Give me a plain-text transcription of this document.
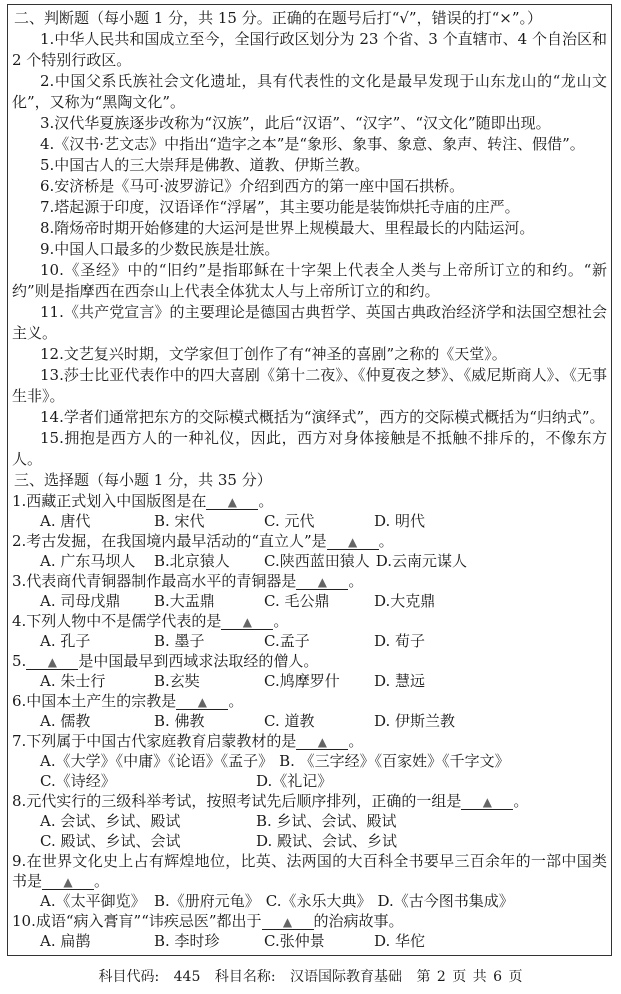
二、判断题（每小题 1 分，共 15 分。正确的在题号后打“√”，错误的打“×”。）

1.中华人民共和国成立至今，全国行政区划分为 23 个省、3 个直辖市、4 个自治区和 2 个特别行政区。

2.中国父系氏族社会文化遗址，具有代表性的文化是最早发现于山东龙山的“龙山文化”，又称为“黑陶文化”。

3.汉代华夏族逐步改称为“汉族”，此后“汉语”、“汉字”、“汉文化”随即出现。

4.《汉书·艺文志》中指出“造字之本”是“象形、象事、象意、象声、转注、假借”。

5.中国古人的三大崇拜是佛教、道教、伊斯兰教。

6.安济桥是《马可·波罗游记》介绍到西方的第一座中国石拱桥。

7.塔起源于印度，汉语译作“浮屠”，其主要功能是装饰烘托寺庙的庄严。

8.隋炀帝时期开始修建的大运河是世界上规模最大、里程最长的内陆运河。

9.中国人口最多的少数民族是壮族。

10.《圣经》中的“旧约”是指耶稣在十字架上代表全人类与上帝所订立的和约。“新约”则是指摩西在西奈山上代表全体犹太人与上帝所订立的和约。

11.《共产党宣言》的主要理论是德国古典哲学、英国古典政治经济学和法国空想社会主义。

12.文艺复兴时期，文学家但丁创作了有“神圣的喜剧”之称的《天堂》。

13.莎士比亚代表作中的四大喜剧《第十二夜》、《仲夏夜之梦》、《威尼斯商人》、《无事生非》。

14.学者们通常把东方的交际模式概括为“演绎式”，西方的交际模式概括为“归纳式”。

15.拥抱是西方人的一种礼仪，因此，西方对身体接触是不抵触不排斥的，不像东方人。

三、选择题（每小题 1 分，共 35 分）
1.西藏正式划入中国版图是在 ▲ 。
A. 唐代	B. 宋代	C. 元代	D. 明代
2.考古发掘，在我国境内最早活动的“直立人”是 ▲ 。
A. 广东马坝人	B.北京猿人	C.陕西蓝田猿人 D.云南元谋人
3.代表商代青铜器制作最高水平的青铜器是 ▲ 。
A. 司母戊鼎	B.大盂鼎	C. 毛公鼎	D.大克鼎
4.下列人物中不是儒学代表的是 ▲ 。
A. 孔子	B. 墨子	C.孟子	D. 荀子
5. ▲ 是中国最早到西域求法取经的僧人。
A. 朱士行	B.玄奘	C.鸠摩罗什	D. 慧远
6.中国本土产生的宗教是 ▲ 。
A. 儒教	B. 佛教	C. 道教	D. 伊斯兰教
7.下列属于中国古代家庭教育启蒙教材的是 ▲ 。
A.《大学》《中庸》《论语》《孟子》 B. 《三字经》《百家姓》《千字文》
C.《诗经》	D.《礼记》
8.元代实行的三级科举考试，按照考试先后顺序排列，正确的一组是 ▲ 。
A. 会试、乡试、殿试	B. 乡试、会试、殿试
C. 殿试、乡试、会试	D. 殿试、会试、乡试
9.在世界文化史上占有辉煌地位，比英、法两国的大百科全书要早三百余年的一部中国类书是 ▲ 。
A.《太平御览》 B.《册府元龟》 C.《永乐大典》 D.《古今图书集成》
10.成语“病入膏肓”“讳疾忌医”都出于 ▲ 的治病故事。
A. 扁鹊	B. 李时珍	C.张仲景	D. 华佗
科目代码: 445 科目名称: 汉语国际教育基础 第 2 页 共 6 页
